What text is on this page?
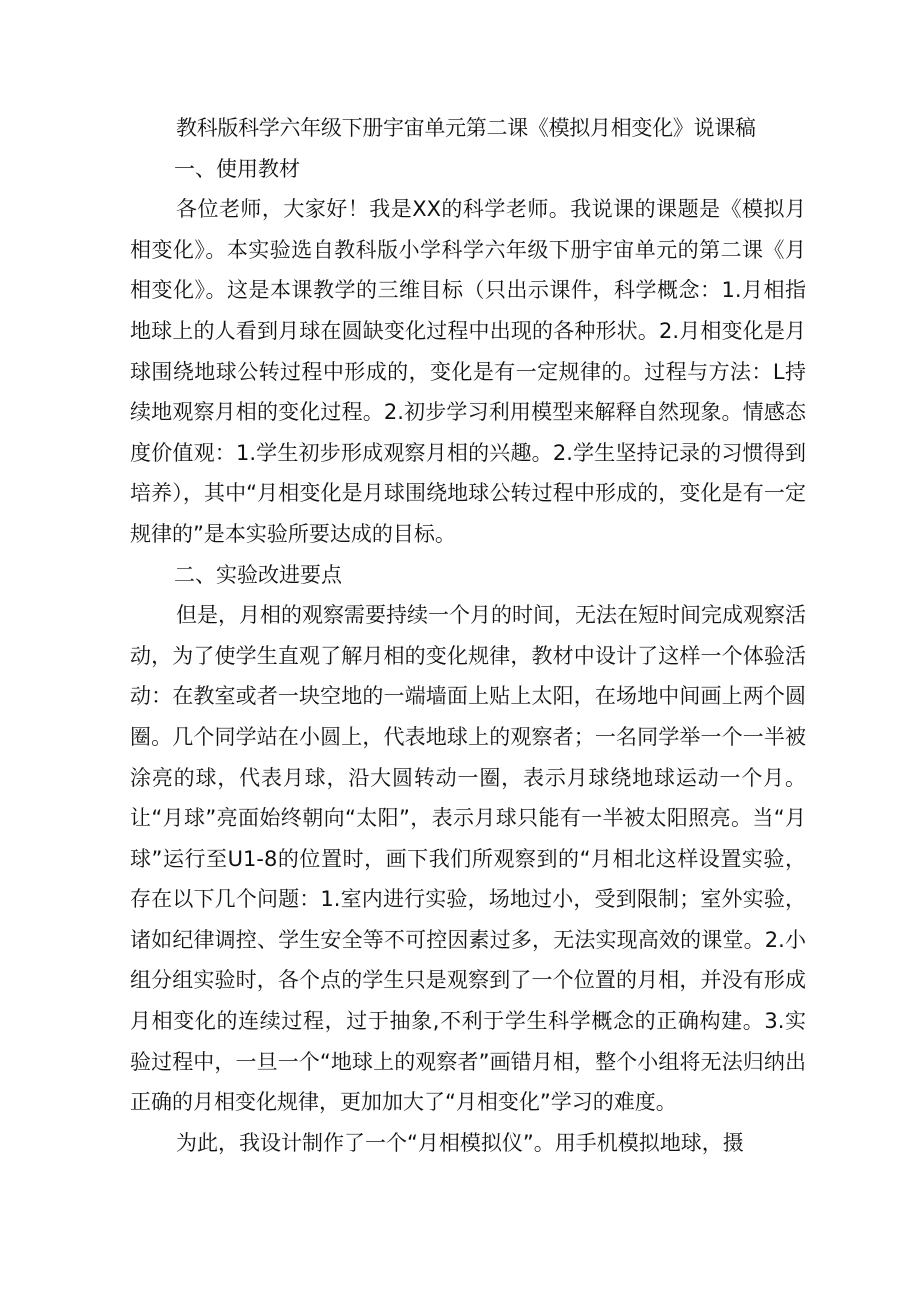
教科版科学六年级下册宇宙单元第二课《模拟月相变化》说课稿

一、使用教材

各位老师，大家好！我是XX的科学老师。我说课的课题是《模拟月相变化》。本实验选自教科版小学科学六年级下册宇宙单元的第二课《月相变化》。这是本课教学的三维目标（只出示课件，科学概念：1.月相指地球上的人看到月球在圆缺变化过程中出现的各种形状。2.月相变化是月球围绕地球公转过程中形成的，变化是有一定规律的。过程与方法：L持续地观察月相的变化过程。2.初步学习利用模型来解释自然现象。情感态度价值观：1.学生初步形成观察月相的兴趣。2.学生坚持记录的习惯得到培养），其中“月相变化是月球围绕地球公转过程中形成的，变化是有一定规律的”是本实验所要达成的目标。

二、实验改进要点

但是，月相的观察需要持续一个月的时间，无法在短时间完成观察活动，为了使学生直观了解月相的变化规律，教材中设计了这样一个体验活动：在教室或者一块空地的一端墙面上贴上太阳，在场地中间画上两个圆圈。几个同学站在小圆上，代表地球上的观察者；一名同学举一个一半被涂亮的球，代表月球，沿大圆转动一圈，表示月球绕地球运动一个月。让“月球”亮面始终朝向“太阳”，表示月球只能有一半被太阳照亮。当“月球”运行至U1-8的位置时，画下我们所观察到的“月相北这样设置实验，存在以下几个问题：1.室内进行实验，场地过小，受到限制；室外实验，诸如纪律调控、学生安全等不可控因素过多，无法实现高效的课堂。2.小组分组实验时，各个点的学生只是观察到了一个位置的月相，并没有形成月相变化的连续过程，过于抽象,不利于学生科学概念的正确构建。3.实验过程中，一旦一个“地球上的观察者”画错月相，整个小组将无法归纳出正确的月相变化规律，更加加大了“月相变化”学习的难度。

为此，我设计制作了一个“月相模拟仪”。用手机模拟地球，摄
